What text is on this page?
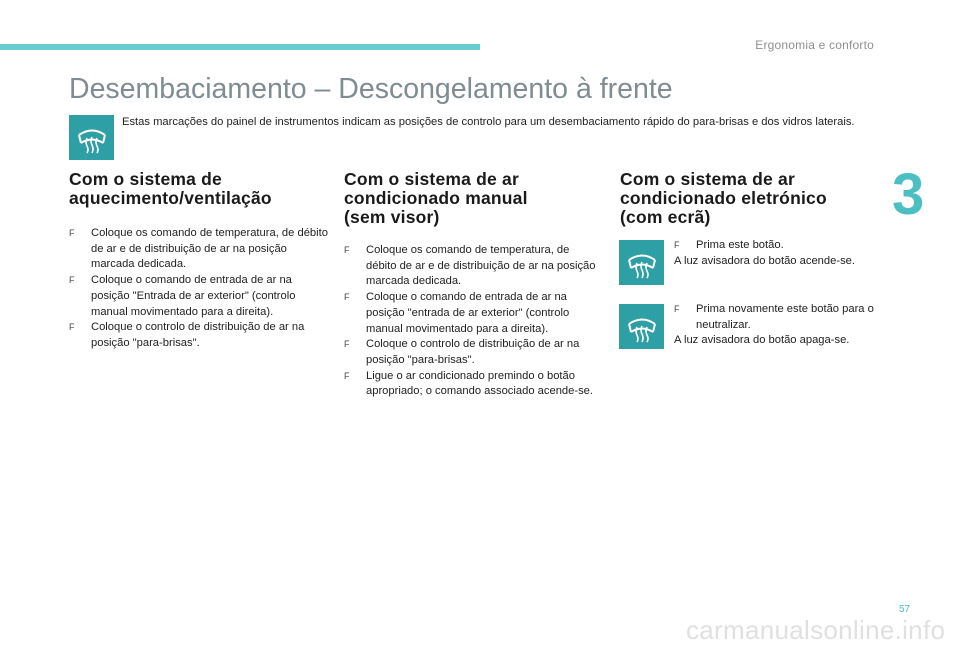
Ergonomia e conforto
3
Desembaciamento – Descongelamento à frente
Estas marcações do painel de instrumentos indicam as posições de controlo para um desembaciamento rápido do para-brisas e dos vidros laterais.
Com o sistema de
aquecimento/ventilação
F	Coloque os comando de temperatura, de débito de ar e de distribuição de ar na posição marcada dedicada.
F	Coloque o comando de entrada de ar na posição "Entrada de ar exterior" (controlo manual movimentado para a direita).
F	Coloque o controlo de distribuição de ar na posição "para-brisas".
Com o sistema de ar
condicionado manual
(sem visor)
F	Coloque os comando de temperatura, de débito de ar e de distribuição de ar na posição marcada dedicada.
F	Coloque o comando de entrada de ar na posição "entrada de ar exterior" (controlo manual movimentado para a direita).
F	Coloque o controlo de distribuição de ar na posição "para-brisas".
F	Ligue o ar condicionado premindo o botão apropriado; o comando associado acende-se.
Com o sistema de ar
condicionado eletrónico
(com ecrã)
F	Prima este botão.

A luz avisadora do botão acende-se.

F	Prima novamente este botão para o neutralizar.

A luz avisadora do botão apaga-se.

57
carmanualsonline.info
